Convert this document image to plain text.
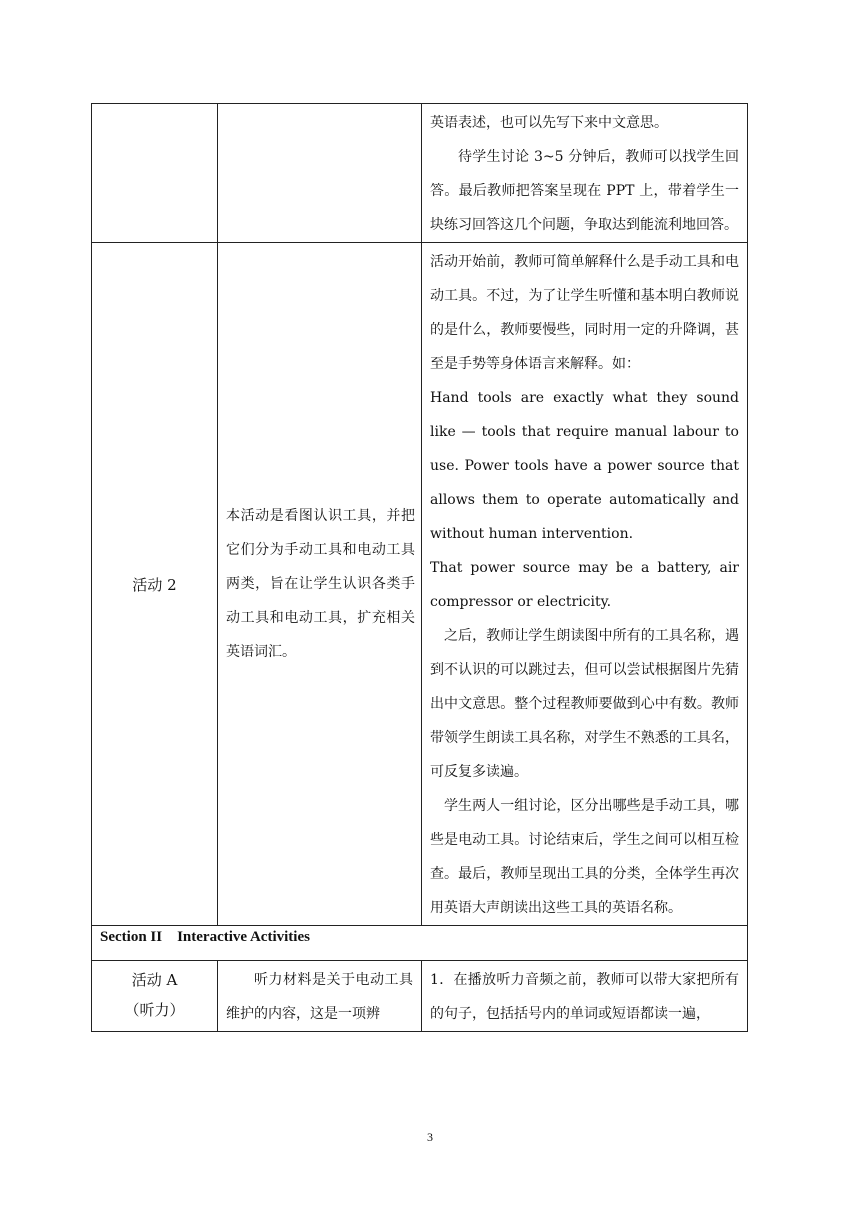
		英语表述，也可以先写下来中文意思。

待学生讨论 3~5 分钟后，教师可以找学生回答。最后教师把答案呈现在 PPT 上，带着学生一块练习回答这几个问题，争取达到能流利地回答。

活动 2	本活动是看图认识工具，并把它们分为手动工具和电动工具两类，旨在让学生认识各类手动工具和电动工具，扩充相关英语词汇。	活动开始前，教师可简单解释什么是手动工具和电动工具。不过，为了让学生听懂和基本明白教师说的是什么，教师要慢些，同时用一定的升降调，甚至是手势等身体语言来解释。如：

Hand tools are exactly what they sound like — tools that require manual labour to use. Power tools have a power source that allows them to operate automatically and without human intervention.

That power source may be a battery, air compressor or electricity.

之后，教师让学生朗读图中所有的工具名称，遇到不认识的可以跳过去，但可以尝试根据图片先猜出中文意思。整个过程教师要做到心中有数。教师带领学生朗读工具名称，对学生不熟悉的工具名，可反复多读遍。

学生两人一组讨论，区分出哪些是手动工具，哪些是电动工具。讨论结束后，学生之间可以相互检查。最后，教师呈现出工具的分类，全体学生再次用英语大声朗读出这些工具的英语名称。

Section II    Interactive Activities		

活动 A
（听力）	听力材料是关于电动工具维护的内容，这是一项辨	1．在播放听力音频之前，教师可以带大家把所有的句子，包括括号内的单词或短语都读一遍，

3
